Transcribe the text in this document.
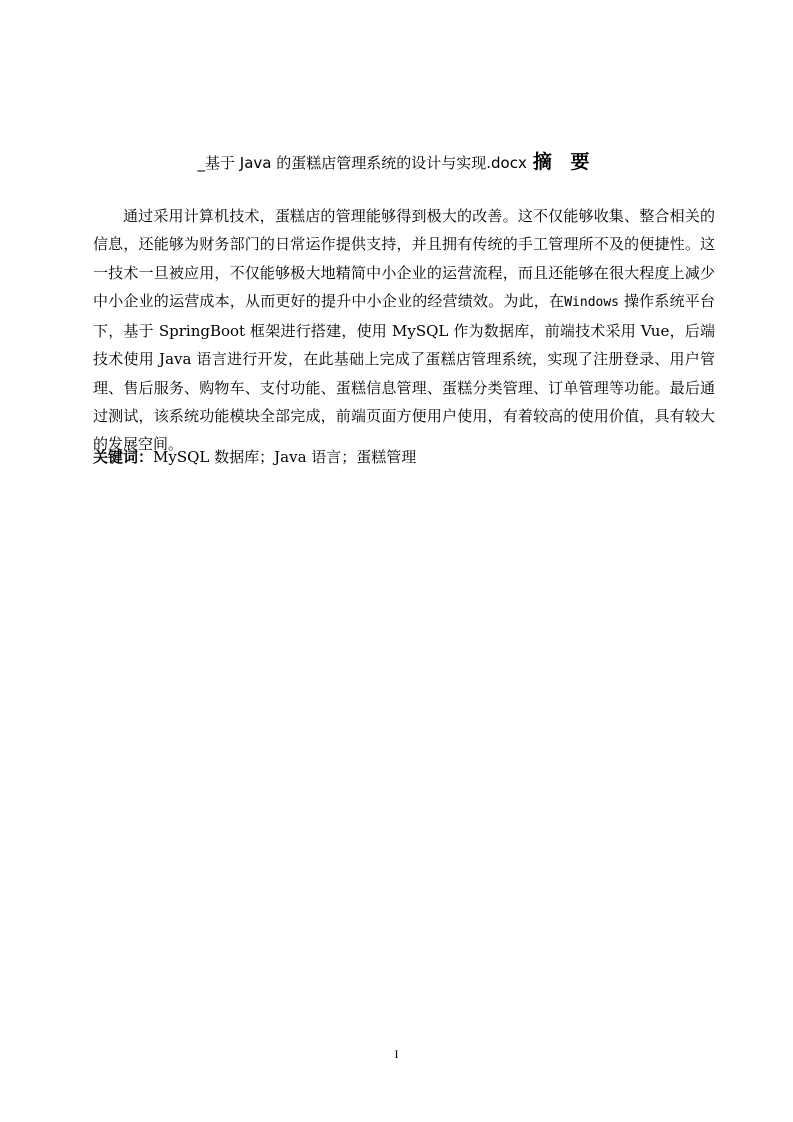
_基于 Java 的蛋糕店管理系统的设计与实现.docx 摘 要

通过采用计算机技术，蛋糕店的管理能够得到极大的改善。这不仅能够收集、整合相关的信息，还能够为财务部门的日常运作提供支持，并且拥有传统的手工管理所不及的便捷性。这一技术一旦被应用，不仅能够极大地精简中小企业的运营流程，而且还能够在很大程度上减少中小企业的运营成本，从而更好的提升中小企业的经营绩效。为此，在Windows 操作系统平台下，基于 SpringBoot 框架进行搭建，使用 MySQL 作为数据库，前端技术采用 Vue，后端技术使用 Java 语言进行开发，在此基础上完成了蛋糕店管理系统，实现了注册登录、用户管理、售后服务、购物车、支付功能、蛋糕信息管理、蛋糕分类管理、订单管理等功能。最后通过测试，该系统功能模块全部完成，前端页面方便用户使用，有着较高的使用价值，具有较大的发展空间。

关键词：MySQL 数据库；Java 语言；蛋糕管理

I
